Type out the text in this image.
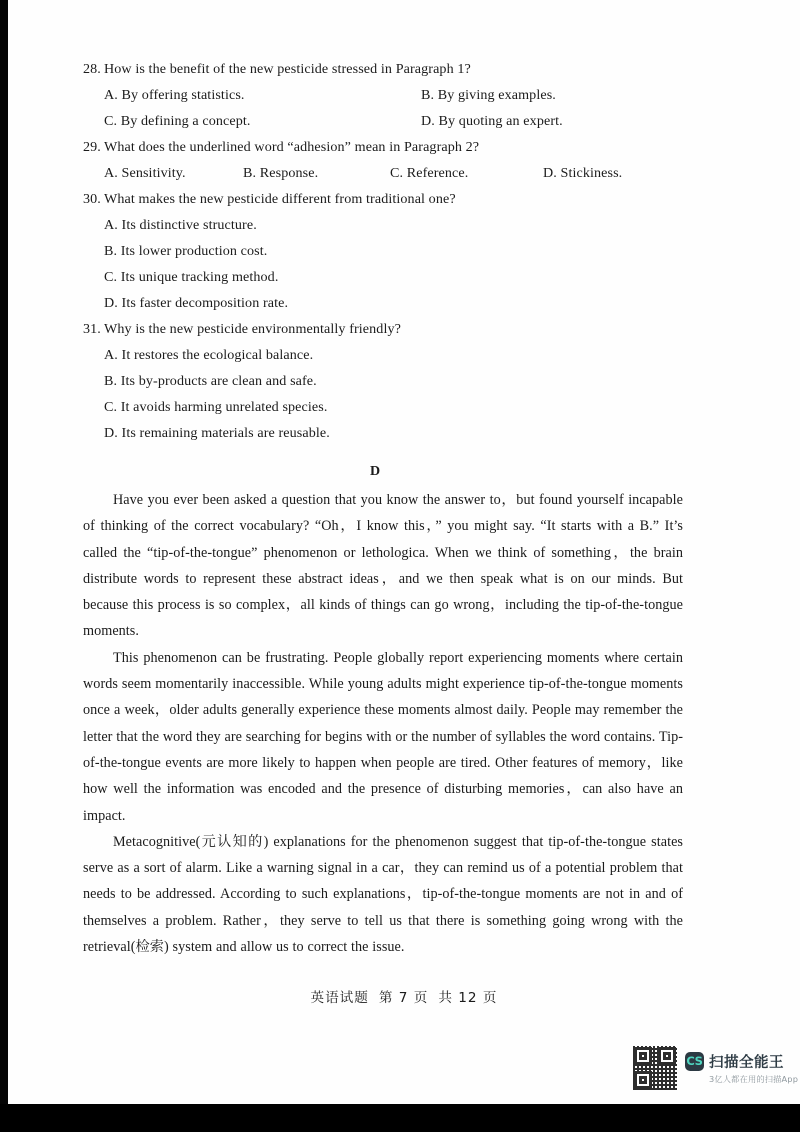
28. How is the benefit of the new pesticide stressed in Paragraph 1?
A. By offering statistics.	B. By giving examples.
C. By defining a concept.	D. By quoting an expert.
29. What does the underlined word “adhesion” mean in Paragraph 2?
A. Sensitivity.	B. Response.	C. Reference.	D. Stickiness.
30. What makes the new pesticide different from traditional one?
A. Its distinctive structure.
B. Its lower production cost.
C. Its unique tracking method.
D. Its faster decomposition rate.
31. Why is the new pesticide environmentally friendly?
A. It restores the ecological balance.
B. Its by-products are clean and safe.
C. It avoids harming unrelated species.
D. Its remaining materials are reusable.
D

Have you ever been asked a question that you know the answer to，but found yourself incapable of thinking of the correct vocabulary? “Oh，I know this，” you might say. “It starts with a B.” It’s called the “tip-of-the-tongue” phenomenon or lethologica. When we think of something，the brain distribute words to represent these abstract ideas，and we then speak what is on our minds. But because this process is so complex，all kinds of things can go wrong，including the tip-of-the-tongue moments.

This phenomenon can be frustrating. People globally report experiencing moments where certain words seem momentarily inaccessible. While young adults might experience tip-of-the-tongue moments once a week，older adults generally experience these moments almost daily. People may remember the letter that the word they are searching for begins with or the number of syllables the word contains. Tip-of-the-tongue events are more likely to happen when people are tired. Other features of memory，like how well the information was encoded and the presence of disturbing memories，can also have an impact.

Metacognitive(元认知的) explanations for the phenomenon suggest that tip-of-the-tongue states serve as a sort of alarm. Like a warning signal in a car，they can remind us of a potential problem that needs to be addressed. According to such explanations，tip-of-the-tongue moments are not in and of themselves a problem. Rather，they serve to tell us that there is something going wrong with the retrieval(检索) system and allow us to correct the issue.

英语试题 第 7 页 共 12 页
CS 扫描全能王
3亿人都在用的扫描App
